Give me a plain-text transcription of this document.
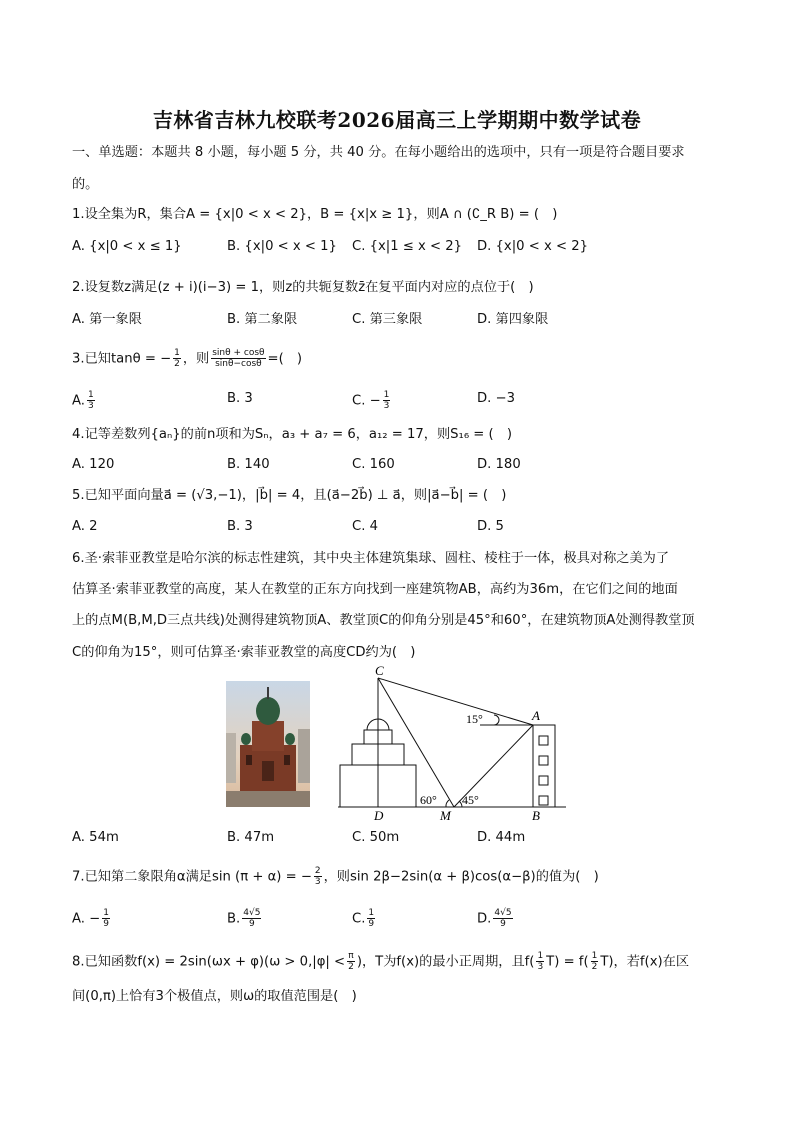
吉林省吉林九校联考2026届高三上学期期中数学试卷
一、单选题：本题共 8 小题，每小题 5 分，共 40 分。在每小题给出的选项中，只有一项是符合题目要求
的。
1.设全集为R，集合A = {x|0 < x < 2}，B = {x|x ≥ 1}，则A ∩ (∁_R B) = (　)
A. {x|0 < x ≤ 1}	B. {x|0 < x < 1} C. {x|1 ≤ x < 2} D. {x|0 < x < 2}
2.设复数z满足(z + i)(i−3) = 1，则z的共轭复数z̄在复平面内对应的点位于(　)
A. 第一象限	B. 第二象限	C. 第三象限	D. 第四象限
3.已知tanθ = − $\frac{1}{2}$ ，则 $\frac{\sin\theta + \cos\theta}{\sin\theta-\cos\theta}$ =(　)
A. $\frac{1}{3}$	B. 3	C. − $\frac{1}{3}$	D. −3
4.记等差数列{aₙ}的前n项和为Sₙ，a₃ + a₇ = 6，a₁₂ = 17，则S₁₆ = (　)
A. 120	B. 140	C. 160	D. 180
5.已知平面向量a⃗ = (√3,−1)，|b⃗| = 4，且(a⃗−2b⃗) ⊥ a⃗，则|a⃗−b⃗| = (　)
A. 2	B. 3	C. 4	D. 5
6.圣·索菲亚教堂是哈尔滨的标志性建筑，其中央主体建筑集球、圆柱、棱柱于一体，极具对称之美为了
估算圣·索菲亚教堂的高度，某人在教堂的正东方向找到一座建筑物AB，高约为36m，在它们之间的地面
上的点M(B,M,D三点共线)处测得建筑物顶A、教堂顶C的仰角分别是45°和60°，在建筑物顶A处测得教堂顶
C的仰角为15°，则可估算圣·索菲亚教堂的高度CD约为(　)
C
A
D	M	B
15°
60° 45°
A. 54m	B. 47m	C. 50m	D. 44m
7.已知第二象限角α满足sin (π + α) = − $\frac{2}{3}$ ，则sin 2β−2sin(α + β)cos(α−β)的值为(　)
A. − $\frac{1}{9}$	B. $\frac{4√5}{9}$	C. $\frac{1}{9}$	D. $\frac{4√5}{9}$
8.已知函数$f(x) = 2\sin(\omega x + \varphi)(\omega > 0,|\varphi| < \frac{\pi}{2}$ )，T为f(x)的最小正周期，且$f( \frac{1}{3} T) = f( \frac{1}{2} T)$，若f(x)在区
间(0,π)上恰有3个极值点，则ω的取值范围是(　)
